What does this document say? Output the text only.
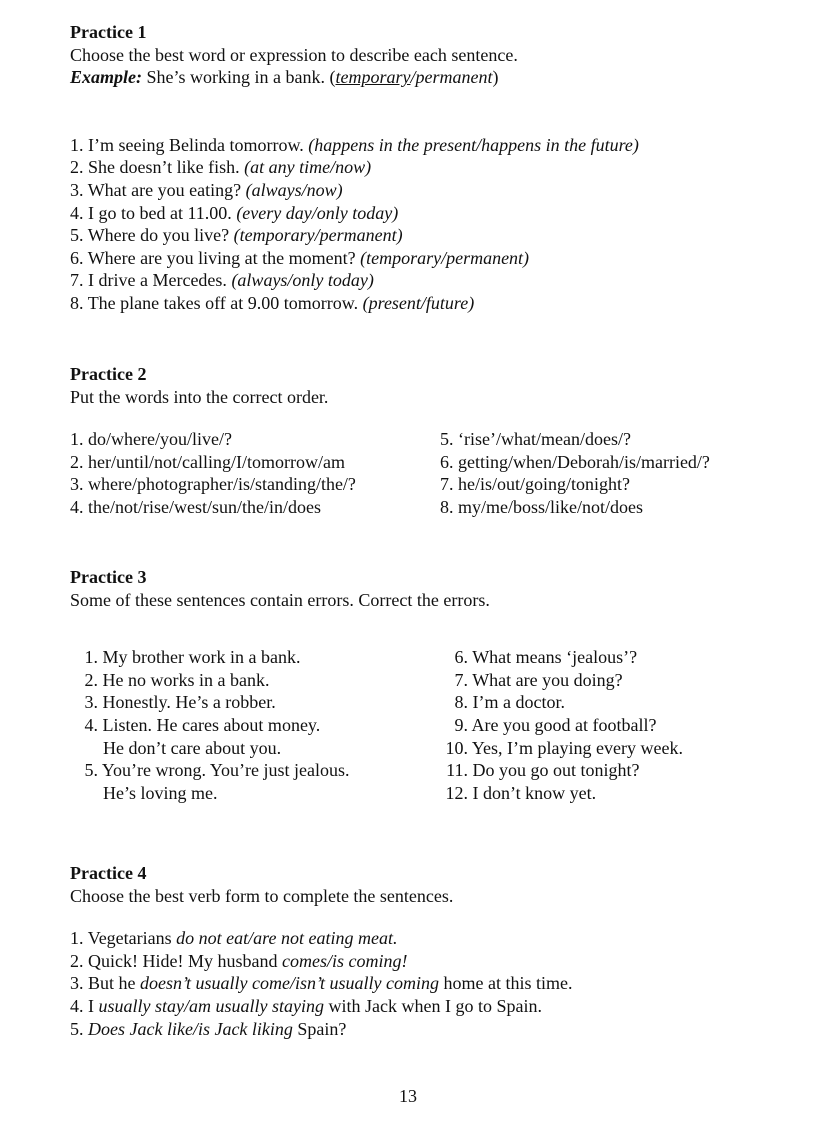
Practice 1

Choose the best word or expression to describe each sentence.

Example: She’s working in a bank. (temporary/permanent)

1. I’m seeing Belinda tomorrow. (happens in the present/happens in the future)
2. She doesn’t like fish. (at any time/now)
3. What are you eating? (always/now)
4. I go to bed at 11.00. (every day/only today)
5. Where do you live? (temporary/permanent)
6. Where are you living at the moment? (temporary/permanent)
7. I drive a Mercedes. (always/only today)
8. The plane takes off at 9.00 tomorrow. (present/future)
Practice 2

Put the words into the correct order.

1. do/where/you/live/?
2. her/until/not/calling/I/tomorrow/am
3. where/photographer/is/standing/the/?
4. the/not/rise/west/sun/the/in/does
5. ‘rise’/what/mean/does/?
6. getting/when/Deborah/is/married/?
7. he/is/out/going/tonight?
8. my/me/boss/like/not/does
Practice 3

Some of these sentences contain errors. Correct the errors.

1. My brother work in a bank.
2. He no works in a bank.
3. Honestly. He’s a robber.
4. Listen. He cares about money.
He don’t care about you.
5. You’re wrong. You’re just jealous.
He’s loving me.
6. What means ‘jealous’?
7. What are you doing?
8. I’m a doctor.
9. Are you good at football?
10. Yes, I’m playing every week.
11. Do you go out tonight?
12. I don’t know yet.
Practice 4

Choose the best verb form to complete the sentences.

1. Vegetarians do not eat/are not eating meat.
2. Quick! Hide! My husband comes/is coming!
3. But he doesn’t usually come/isn’t usually coming home at this time.
4. I usually stay/am usually staying with Jack when I go to Spain.
5. Does Jack like/is Jack liking Spain?
13
